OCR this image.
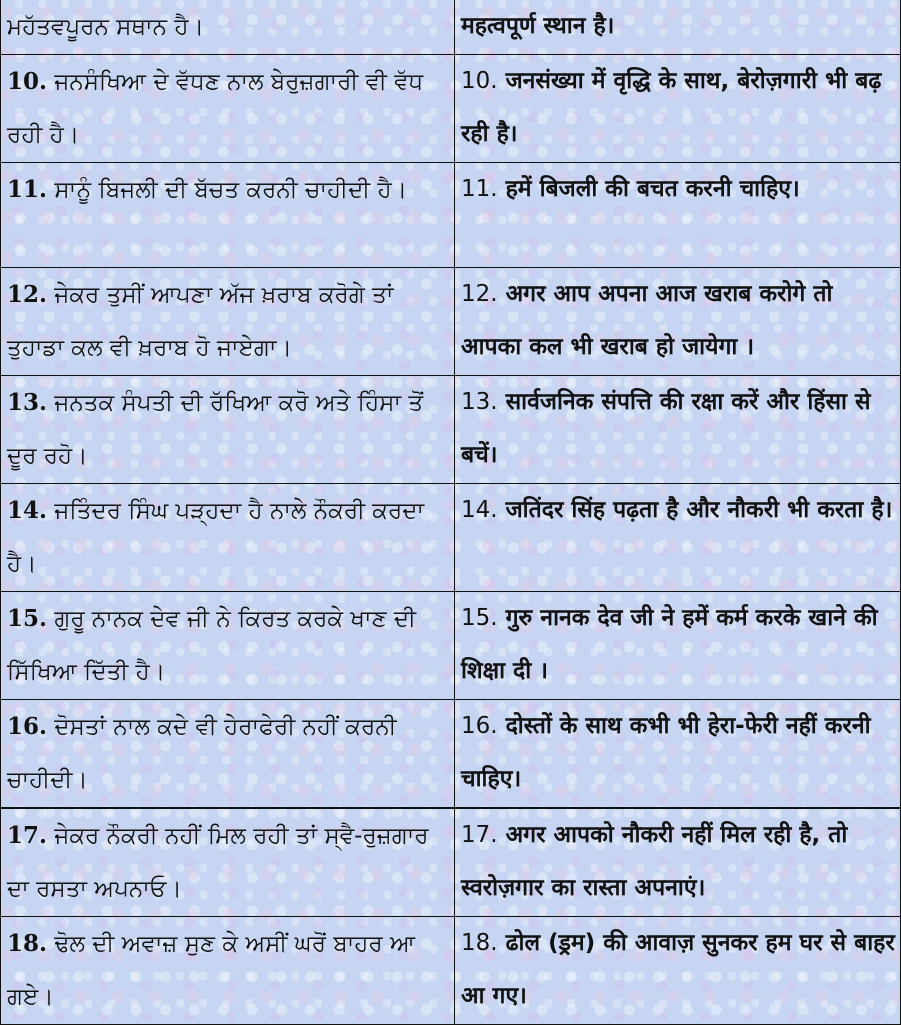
ਮਹੱਤਵਪੂਰਨ ਸਥਾਨ ਹੈ।	महत्वपूर्ण स्थान है।
10. ਜਨਸੰਖਿਆ ਦੇ ਵੱਧਣ ਨਾਲ ਬੇਰੁਜ਼ਗਾਰੀ ਵੀ ਵੱਧ ਰਹੀ ਹੈ।	10. जनसंख्या में वृद्धि के साथ, बेरोज़गारी भी बढ़ रही है।
11. ਸਾਨੂੰ ਬਿਜਲੀ ਦੀ ਬੱਚਤ ਕਰਨੀ ਚਾਹੀਦੀ ਹੈ।	11. हमें बिजली की बचत करनी चाहिए।
12. ਜੇਕਰ ਤੁਸੀਂ ਆਪਣਾ ਅੱਜ ਖ਼ਰਾਬ ਕਰੋਗੇ ਤਾਂ ਤੁਹਾਡਾ ਕਲ ਵੀ ਖ਼ਰਾਬ ਹੋ ਜਾਏਗਾ।	12. अगर आप अपना आज खराब करोगे तो आपका कल भी खराब हो जायेगा ।
13. ਜਨਤਕ ਸੰਪਤੀ ਦੀ ਰੱਖਿਆ ਕਰੋ ਅਤੇ ਹਿੰਸਾ ਤੋਂ ਦੂਰ ਰਹੋ।	13. सार्वजनिक संपत्ति की रक्षा करें और हिंसा से बचें।
14. ਜਤਿੰਦਰ ਸਿੰਘ ਪੜ੍ਹਦਾ ਹੈ ਨਾਲੇ ਨੌਕਰੀ ਕਰਦਾ ਹੈ।	14. जतिंदर सिंह पढ़ता है और नौकरी भी करता है।
15. ਗੁਰੂ ਨਾਨਕ ਦੇਵ ਜੀ ਨੇ ਕਿਰਤ ਕਰਕੇ ਖਾਣ ਦੀ ਸਿੱਖਿਆ ਦਿੱਤੀ ਹੈ।	15. गुरु नानक देव जी ने हमें कर्म करके खाने की शिक्षा दी ।
16. ਦੋਸਤਾਂ ਨਾਲ ਕਦੇ ਵੀ ਹੇਰਾਫੇਰੀ ਨਹੀਂ ਕਰਨੀ ਚਾਹੀਦੀ।	16. दोस्तों के साथ कभी भी हेरा-फेरी नहीं करनी चाहिए।
17. ਜੇਕਰ ਨੌਕਰੀ ਨਹੀਂ ਮਿਲ ਰਹੀ ਤਾਂ ਸ੍ਵੈ-ਰੁਜ਼ਗਾਰ ਦਾ ਰਸਤਾ ਅਪਨਾਓ।	17. अगर आपको नौकरी नहीं मिल रही है, तो स्वरोज़गार का रास्ता अपनाएं।
18. ਢੋਲ ਦੀ ਅਵਾਜ਼ ਸੁਣ ਕੇ ਅਸੀਂ ਘਰੋਂ ਬਾਹਰ ਆ ਗਏ।	18. ढोल (ड्रम) की आवाज़ सुनकर हम घर से बाहर आ गए।
